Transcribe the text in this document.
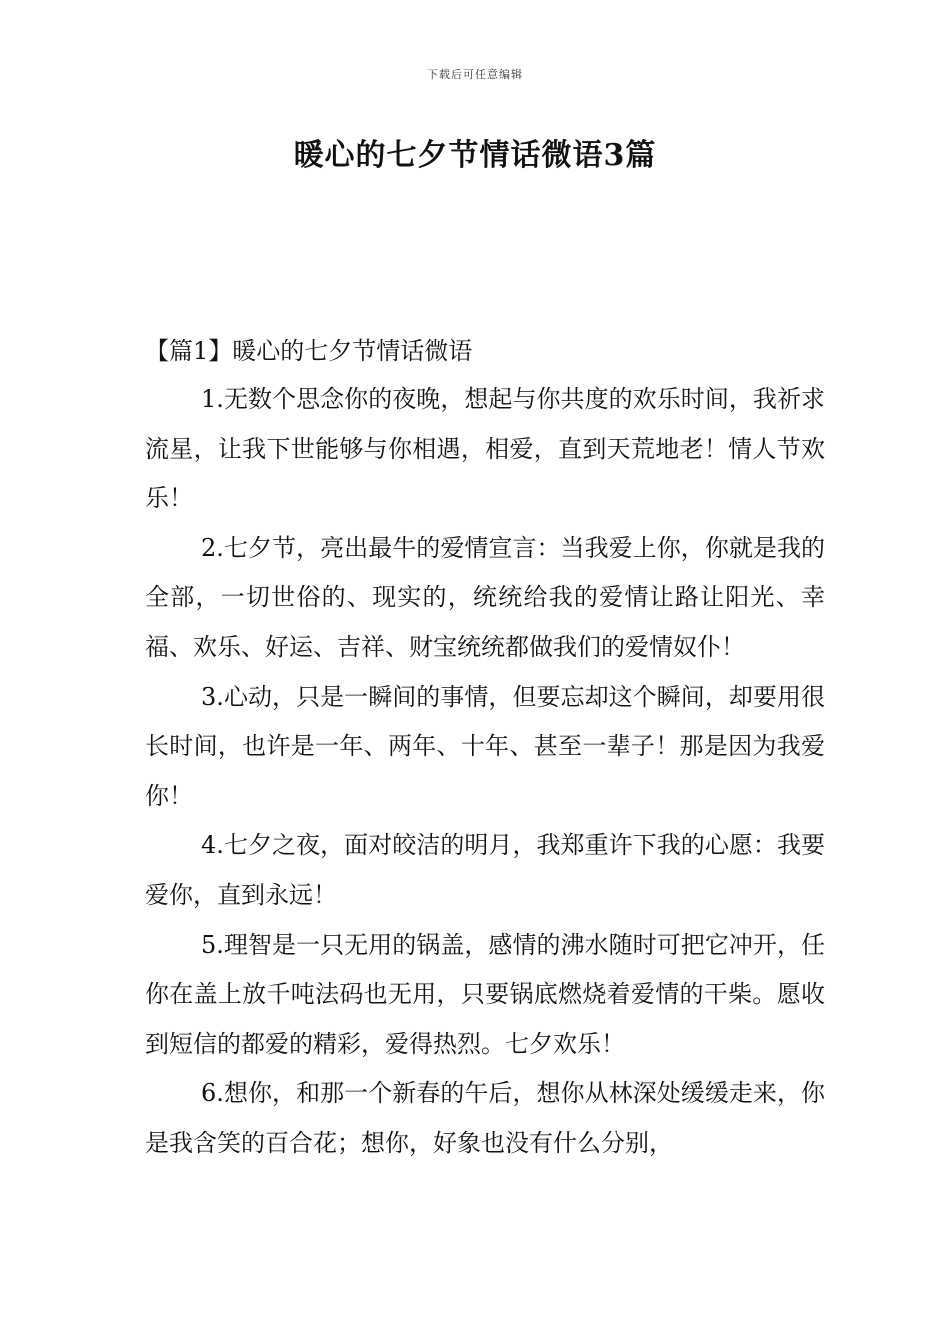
下载后可任意编辑
暖心的七夕节情话微语3篇
【篇1】暖心的七夕节情话微语

1.无数个思念你的夜晚，想起与你共度的欢乐时间，我祈求流星，让我下世能够与你相遇，相爱，直到天荒地老！情人节欢乐！

2.七夕节，亮出最牛的爱情宣言：当我爱上你，你就是我的全部，一切世俗的、现实的，统统给我的爱情让路让阳光、幸福、欢乐、好运、吉祥、财宝统统都做我们的爱情奴仆！

3.心动，只是一瞬间的事情，但要忘却这个瞬间，却要用很长时间，也许是一年、两年、十年、甚至一辈子！那是因为我爱你！

4.七夕之夜，面对皎洁的明月，我郑重许下我的心愿：我要爱你，直到永远！

5.理智是一只无用的锅盖，感情的沸水随时可把它冲开，任你在盖上放千吨法码也无用，只要锅底燃烧着爱情的干柴。愿收到短信的都爱的精彩，爱得热烈。七夕欢乐！

6.想你，和那一个新春的午后，想你从林深处缓缓走来，你是我含笑的百合花；想你，好象也没有什么分别，
